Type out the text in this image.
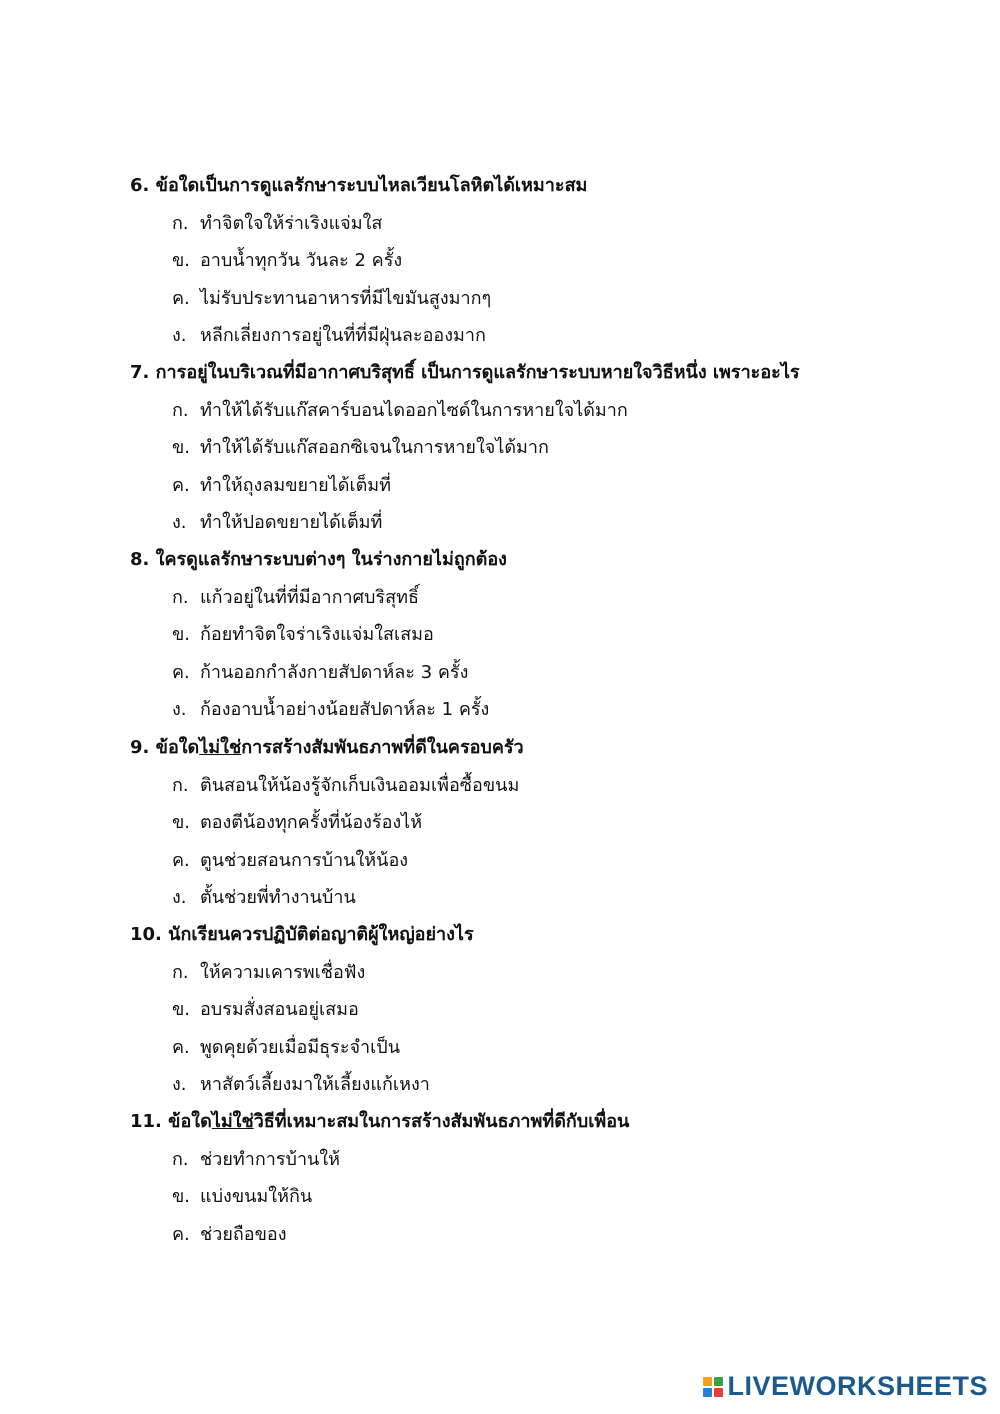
6. ข้อใดเป็นการดูแลรักษาระบบไหลเวียนโลหิตได้เหมาะสม
ก. ทำจิตใจให้ร่าเริงแจ่มใส
ข. อาบน้ำทุกวัน วันละ 2 ครั้ง
ค. ไม่รับประทานอาหารที่มีไขมันสูงมากๆ
ง. หลีกเลี่ยงการอยู่ในที่ที่มีฝุ่นละอองมาก
7. การอยู่ในบริเวณที่มีอากาศบริสุทธิ์ เป็นการดูแลรักษาระบบหายใจวิธีหนึ่ง เพราะอะไร
ก. ทำให้ได้รับแก๊สคาร์บอนไดออกไซด์ในการหายใจได้มาก
ข. ทำให้ได้รับแก๊สออกซิเจนในการหายใจได้มาก
ค. ทำให้ถุงลมขยายได้เต็มที่
ง. ทำให้ปอดขยายได้เต็มที่
8. ใครดูแลรักษาระบบต่างๆ ในร่างกายไม่ถูกต้อง
ก. แก้วอยู่ในที่ที่มีอากาศบริสุทธิ์
ข. ก้อยทำจิตใจร่าเริงแจ่มใสเสมอ
ค. ก้านออกกำลังกายสัปดาห์ละ 3 ครั้ง
ง. ก้องอาบน้ำอย่างน้อยสัปดาห์ละ 1 ครั้ง
9. ข้อใดไม่ใช่การสร้างสัมพันธภาพที่ดีในครอบครัว
ก. ตินสอนให้น้องรู้จักเก็บเงินออมเพื่อซื้อขนม
ข. ตองตีน้องทุกครั้งที่น้องร้องไห้
ค. ตูนช่วยสอนการบ้านให้น้อง
ง. ตั้นช่วยพี่ทำงานบ้าน
10. นักเรียนควรปฏิบัติต่อญาติผู้ใหญ่อย่างไร
ก. ให้ความเคารพเชื่อฟัง
ข. อบรมสั่งสอนอยู่เสมอ
ค. พูดคุยด้วยเมื่อมีธุระจำเป็น
ง. หาสัตว์เลี้ยงมาให้เลี้ยงแก้เหงา
11. ข้อใดไม่ใช่วิธีที่เหมาะสมในการสร้างสัมพันธภาพที่ดีกับเพื่อน
ก. ช่วยทำการบ้านให้
ข. แบ่งขนมให้กิน
ค. ช่วยถือของ
LIVEWORKSHEETS
